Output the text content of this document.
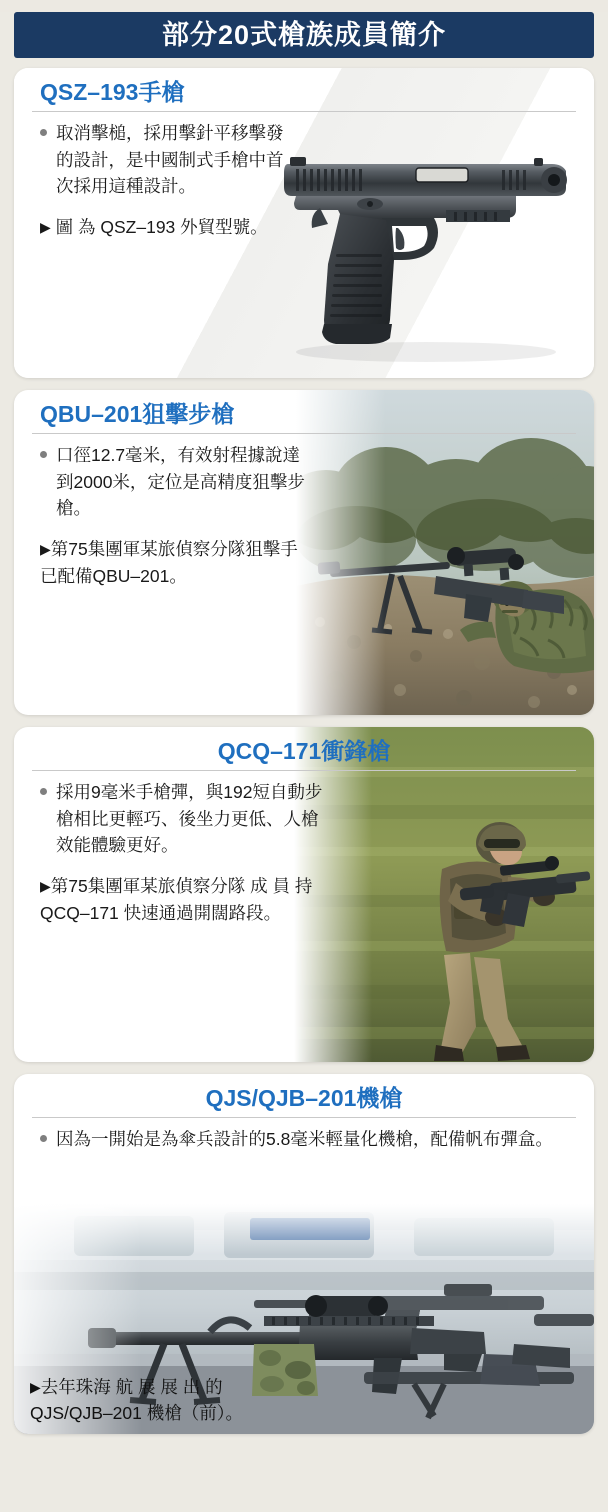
部分20式槍族成員簡介
QSZ–193手槍
取消擊槌，採用擊針平移擊發的設計，是中國制式手槍中首次採用這種設計。
▶ 圖 為 QSZ–193 外貿型號。
QBU–201狙擊步槍
口徑12.7毫米，有效射程據說達到2000米，定位是高精度狙擊步槍。
▶第75集團軍某旅偵察分隊狙擊手已配備QBU–201。
QCQ–171衝鋒槍
採用9毫米手槍彈，與192短自動步槍相比更輕巧、後坐力更低、人槍效能體驗更好。
▶第75集團軍某旅偵察分隊 成 員 持 QCQ–171 快速通過開闊路段。
QJS/QJB–201機槍
因為一開始是為傘兵設計的5.8毫米輕量化機槍，配備帆布彈盒。
▶去年珠海 航 展 展 出 的 QJS/QJB–201 機槍（前）。
